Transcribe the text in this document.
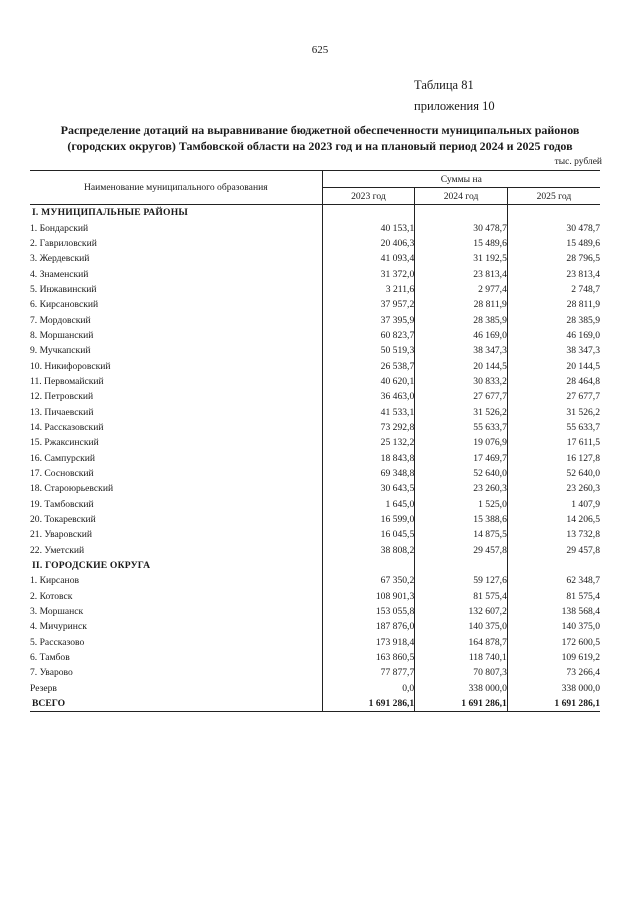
625
Таблица 81
приложения 10
Распределение дотаций на выравнивание бюджетной обеспеченности муниципальных районов
(городских округов) Тамбовской области на 2023 год и на плановый период 2024 и 2025 годов
тыс. рублей
Наименование муниципального образования	Суммы на		
	2023 год	2024 год	2025 год
I. МУНИЦИПАЛЬНЫЕ РАЙОНЫ			
1. Бондарский	40 153,1	30 478,7	30 478,7
2. Гавриловский	20 406,3	15 489,6	15 489,6
3. Жердевский	41 093,4	31 192,5	28 796,5
4. Знаменский	31 372,0	23 813,4	23 813,4
5. Инжавинский	3 211,6	2 977,4	2 748,7
6. Кирсановский	37 957,2	28 811,9	28 811,9
7. Мордовский	37 395,9	28 385,9	28 385,9
8. Моршанский	60 823,7	46 169,0	46 169,0
9. Мучкапский	50 519,3	38 347,3	38 347,3
10. Никифоровский	26 538,7	20 144,5	20 144,5
11. Первомайский	40 620,1	30 833,2	28 464,8
12. Петровский	36 463,0	27 677,7	27 677,7
13. Пичаевский	41 533,1	31 526,2	31 526,2
14. Рассказовский	73 292,8	55 633,7	55 633,7
15. Ржаксинский	25 132,2	19 076,9	17 611,5
16. Сампурский	18 843,8	17 469,7	16 127,8
17. Сосновский	69 348,8	52 640,0	52 640,0
18. Староюрьевский	30 643,5	23 260,3	23 260,3
19. Тамбовский	1 645,0	1 525,0	1 407,9
20. Токаревский	16 599,0	15 388,6	14 206,5
21. Уваровский	16 045,5	14 875,5	13 732,8
22. Уметский	38 808,2	29 457,8	29 457,8
II. ГОРОДСКИЕ ОКРУГА			
1. Кирсанов	67 350,2	59 127,6	62 348,7
2. Котовск	108 901,3	81 575,4	81 575,4
3. Моршанск	153 055,8	132 607,2	138 568,4
4. Мичуринск	187 876,0	140 375,0	140 375,0
5. Рассказово	173 918,4	164 878,7	172 600,5
6. Тамбов	163 860,5	118 740,1	109 619,2
7. Уварово	77 877,7	70 807,3	73 266,4
Резерв	0,0	338 000,0	338 000,0
ВСЕГО	1 691 286,1	1 691 286,1	1 691 286,1
